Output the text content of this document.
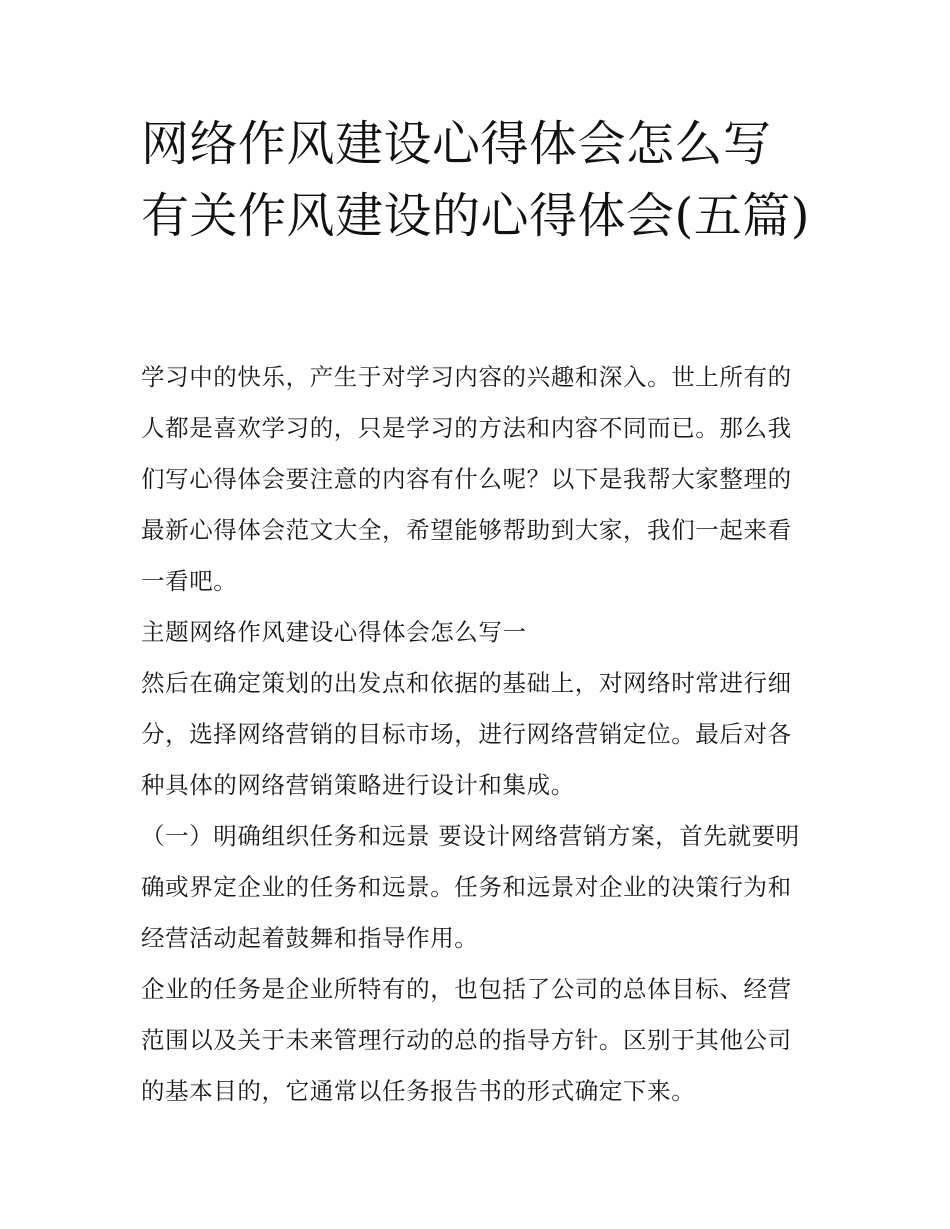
网络作风建设心得体会怎么写 有关作风建设的心得体会(五篇)

学习中的快乐，产生于对学习内容的兴趣和深入。世上所有的人都是喜欢学习的，只是学习的方法和内容不同而已。那么我们写心得体会要注意的内容有什么呢？以下是我帮大家整理的最新心得体会范文大全，希望能够帮助到大家，我们一起来看一看吧。

主题网络作风建设心得体会怎么写一

然后在确定策划的出发点和依据的基础上，对网络时常进行细分，选择网络营销的目标市场，进行网络营销定位。最后对各种具体的网络营销策略进行设计和集成。

（一）明确组织任务和远景 要设计网络营销方案，首先就要明确或界定企业的任务和远景。任务和远景对企业的决策行为和经营活动起着鼓舞和指导作用。

企业的任务是企业所特有的，也包括了公司的总体目标、经营范围以及关于未来管理行动的总的指导方针。区别于其他公司的基本目的，它通常以任务报告书的形式确定下来。
